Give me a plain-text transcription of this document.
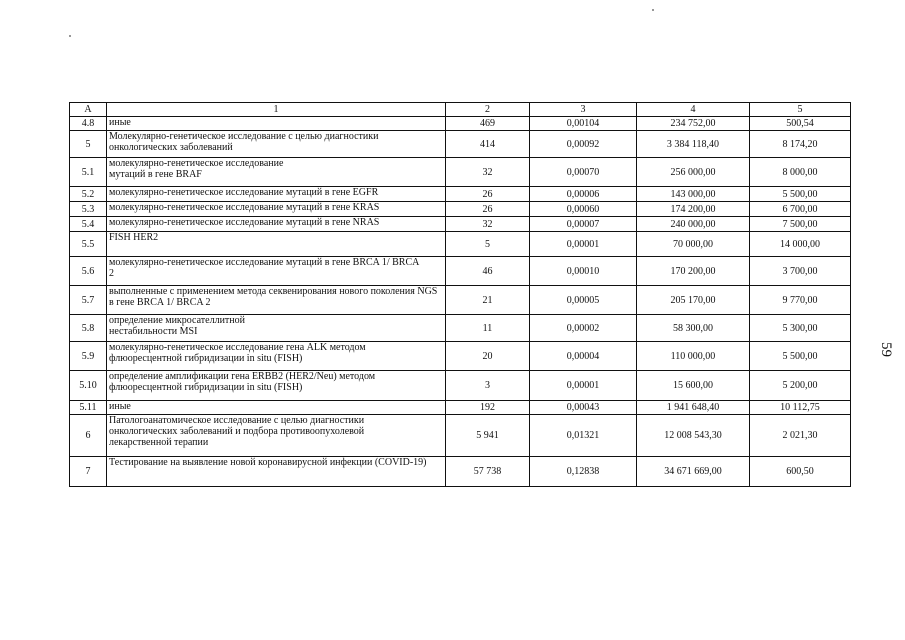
А	1	2	3	4	5
4.8	иные	469	0,00104	234 752,00	500,54
5	Молекулярно-генетическое исследование с целью диагностики онкологических заболеваний	414	0,00092	3 384 118,40	8 174,20
5.1	молекулярно-генетическое исследование мутаций в гене BRAF	32	0,00070	256 000,00	8 000,00
5.2	молекулярно-генетическое исследование мутаций в гене EGFR	26	0,00006	143 000,00	5 500,00
5.3	молекулярно-генетическое исследование мутаций в гене KRAS	26	0,00060	174 200,00	6 700,00
5.4	молекулярно-генетическое исследование мутаций в гене NRAS	32	0,00007	240 000,00	7 500,00
5.5	FISH HER2	5	0,00001	70 000,00	14 000,00
5.6	молекулярно-генетическое исследование мутаций в гене BRCA 1/ BRCA 2	46	0,00010	170 200,00	3 700,00
5.7	выполненные с применением метода секвенирования нового поколения NGS в гене BRCA 1/ BRCA 2	21	0,00005	205 170,00	9 770,00
5.8	определение микросателлитной нестабильности MSI	11	0,00002	58 300,00	5 300,00
5.9	молекулярно-генетическое исследование гена ALK методом флюоресцентной гибридизации in situ (FISH)	20	0,00004	110 000,00	5 500,00
5.10	определение амплификации гена ERBB2 (HER2/Neu) методом флюоресцентной гибридизации in situ (FISH)	3	0,00001	15 600,00	5 200,00
5.11	иные	192	0,00043	1 941 648,40	10 112,75
6	Патологоанатомическое исследование с целью диагностики онкологических заболеваний и подбора противоопухолевой лекарственной терапии	5 941	0,01321	12 008 543,30	2 021,30
7	Тестирование на выявление новой коронавирусной инфекции (COVID-19)	57 738	0,12838	34 671 669,00	600,50
59
